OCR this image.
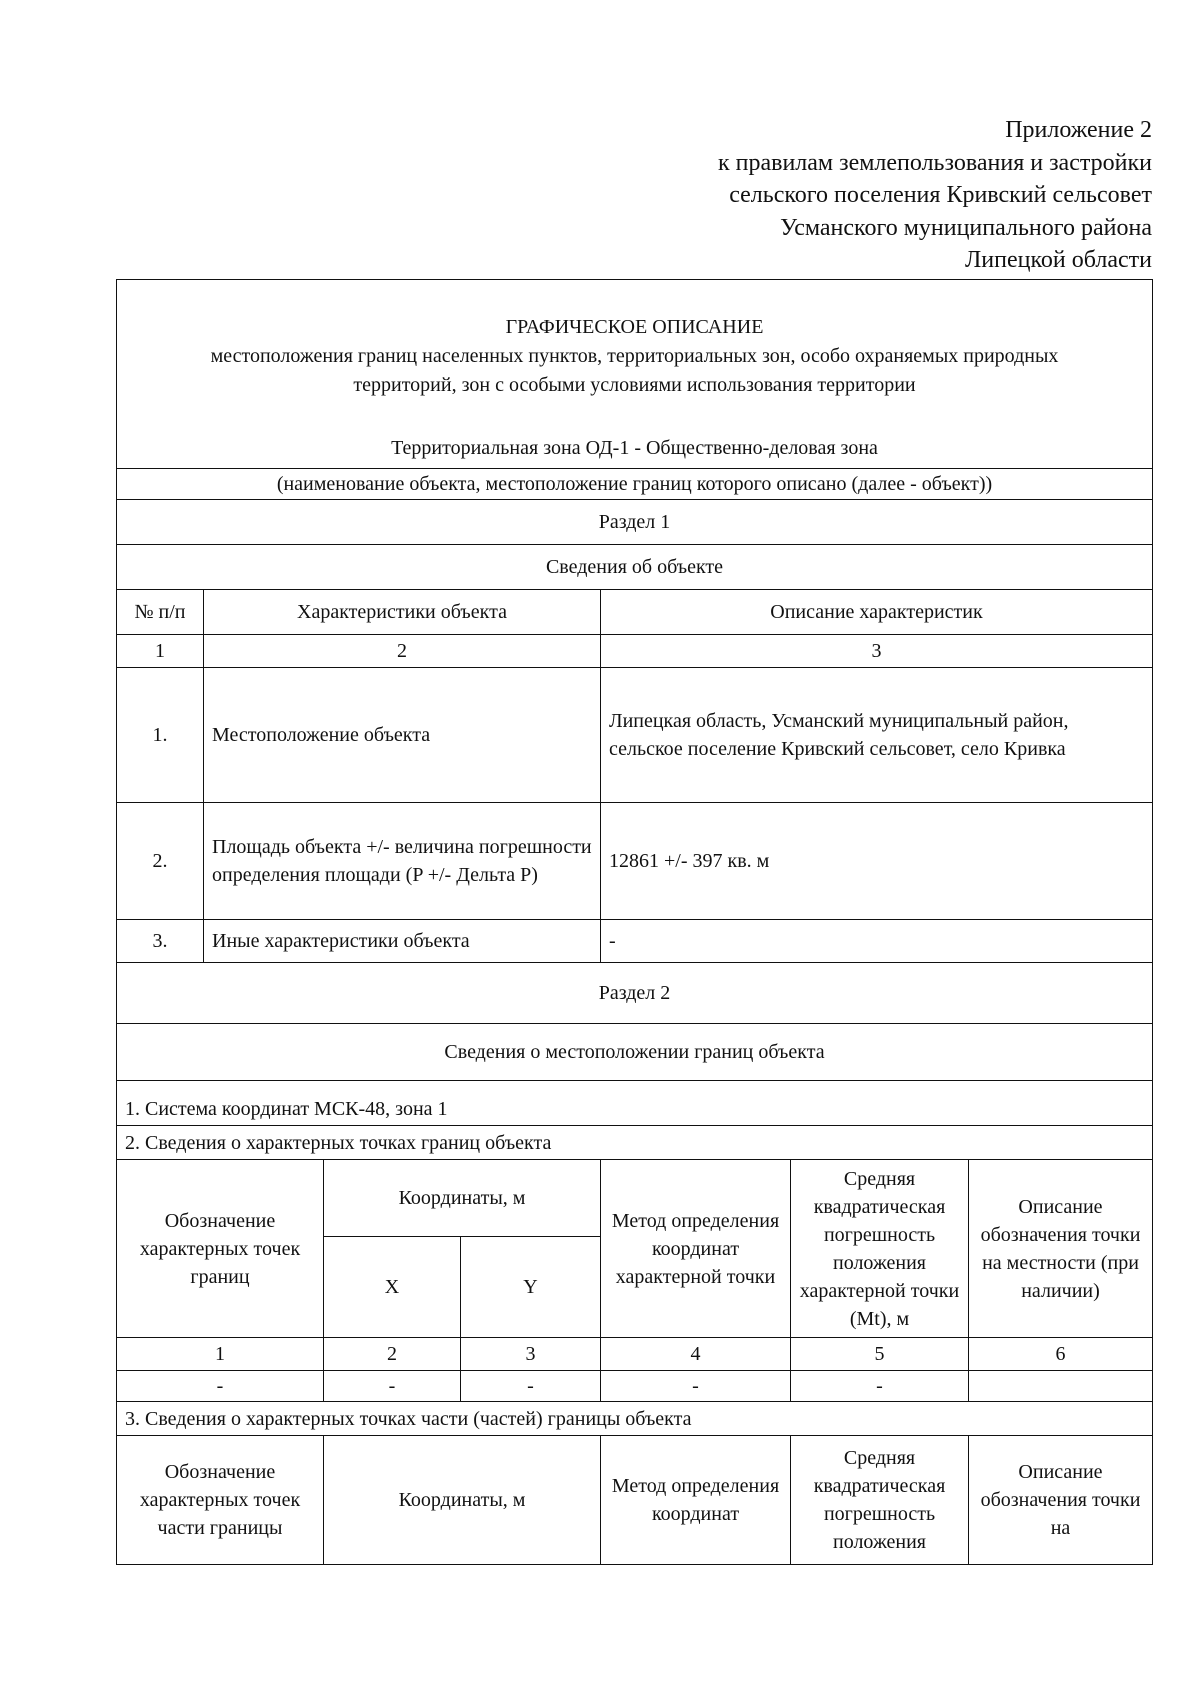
Приложение 2
к правилам землепользования и застройки
сельского поселения Кривский сельсовет
Усманского муниципального района
Липецкой области
ГРАФИЧЕСКОЕ ОПИСАНИЕ
местоположения границ населенных пунктов, территориальных зон, особо охраняемых природных
территорий, зон с особыми условиями использования территории
Территориальная зона ОД-1 - Общественно-деловая зона						

(наименование объекта, местоположение границ которого описано (далее - объект))						
Раздел 1						
Сведения об объекте						
№ п/п	Характеристики объекта			Описание характеристик		
1	2			3		
1.	Местоположение объекта			Липецкая область, Усманский муниципальный район, сельское поселение Кривский сельсовет, село Кривка		
2.	Площадь объекта +/- величина погрешности определения площади (P +/- Дельта P)			12861 +/- 397 кв. м		
3.	Иные характеристики объекта			-		
Раздел 2						
Сведения о местоположении границ объекта						
1. Система координат МСК-48, зона 1						
2. Сведения о характерных точках границ объекта						
Обозначение характерных точек границ		Координаты, м		Метод определения координат характерной точки	Средняя квадратическая погрешность положения характерной точки (Mt), м	Описание обозначения точки на местности (при наличии)
		X	Y			
1		2	3	4	5	6
-		-	-	-	-	
3. Сведения о характерных точках части (частей) границы объекта						
Обозначение характерных точек части границы		Координаты, м		Метод определения координат	Средняя квадратическая погрешность положения	Описание обозначения точки на
